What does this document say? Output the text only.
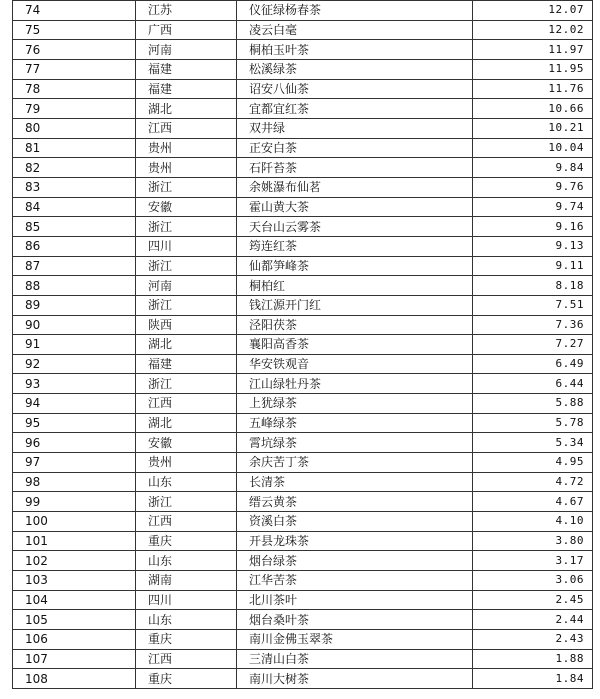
74	江苏	仪征绿杨春茶	12.07
75	广西	凌云白毫	12.02
76	河南	桐柏玉叶茶	11.97
77	福建	松溪绿茶	11.95
78	福建	诏安八仙茶	11.76
79	湖北	宜都宜红茶	10.66
80	江西	双井绿	10.21
81	贵州	正安白茶	10.04
82	贵州	石阡苔茶	9.84
83	浙江	余姚瀑布仙茗	9.76
84	安徽	霍山黄大茶	9.74
85	浙江	天台山云雾茶	9.16
86	四川	筠连红茶	9.13
87	浙江	仙都笋峰茶	9.11
88	河南	桐柏红	8.18
89	浙江	钱江源开门红	7.51
90	陕西	泾阳茯茶	7.36
91	湖北	襄阳高香茶	7.27
92	福建	华安铁观音	6.49
93	浙江	江山绿牡丹茶	6.44
94	江西	上犹绿茶	5.88
95	湖北	五峰绿茶	5.78
96	安徽	霄坑绿茶	5.34
97	贵州	余庆苦丁茶	4.95
98	山东	长清茶	4.72
99	浙江	缙云黄茶	4.67
100	江西	资溪白茶	4.10
101	重庆	开县龙珠茶	3.80
102	山东	烟台绿茶	3.17
103	湖南	江华苦茶	3.06
104	四川	北川茶叶	2.45
105	山东	烟台桑叶茶	2.44
106	重庆	南川金佛玉翠茶	2.43
107	江西	三清山白茶	1.88
108	重庆	南川大树茶	1.84
